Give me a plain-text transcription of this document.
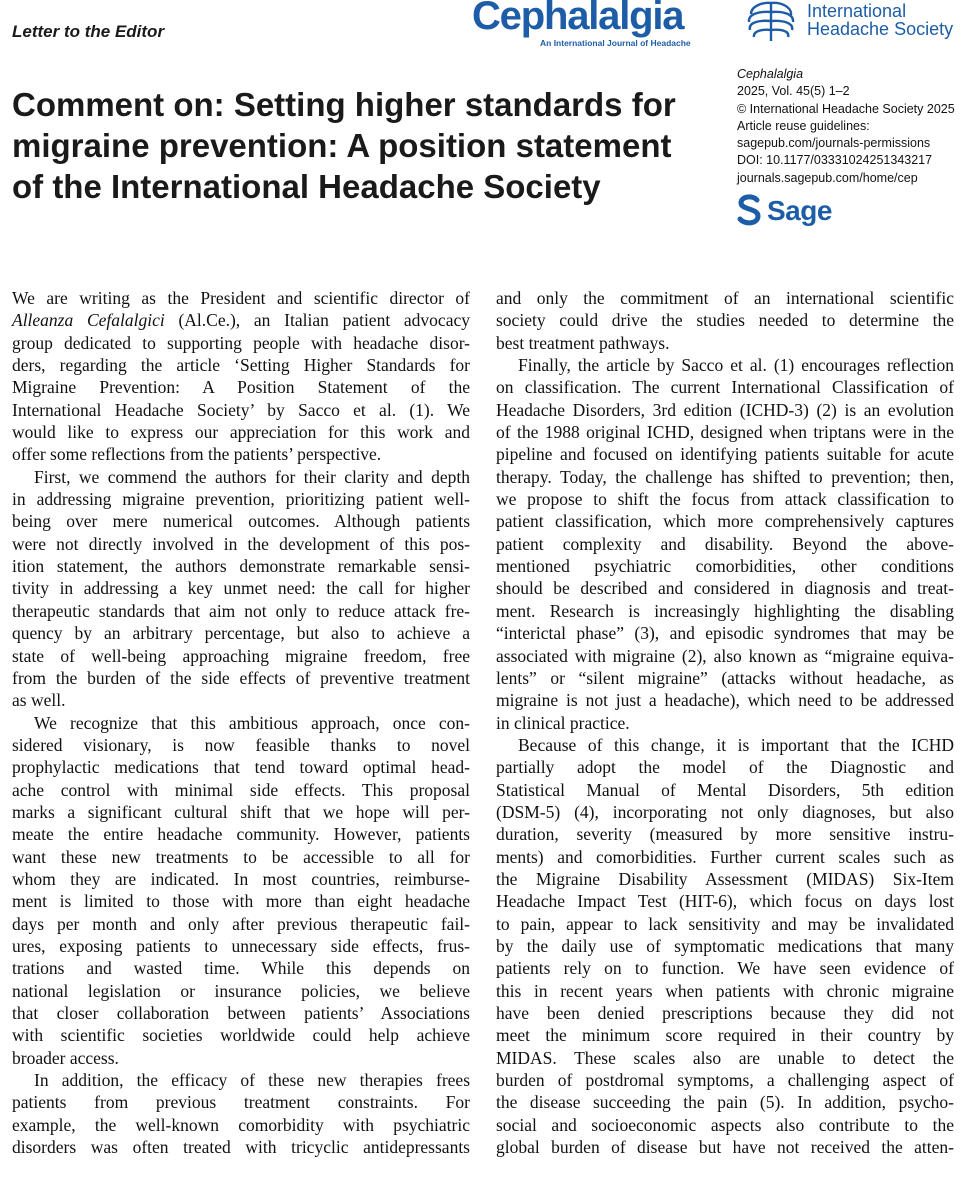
Letter to the Editor	Cephalalgia
An International Journal of Headache
International
Headache Society
Comment on: Setting higher standards for
migraine prevention: A position statement
of the International Headache Society
Cephalalgia
2025, Vol. 45(5) 1–2
© International Headache Society 2025
Article reuse guidelines:
sagepub.com/journals-permissions
DOI: 10.1177/03331024251343217
journals.sagepub.com/home/cep
Sage
We are writing as the President and scientific director of
Alleanza Cefalalgici (Al.Ce.), an Italian patient advocacy
group dedicated to supporting people with headache disor-
ders, regarding the article ‘Setting Higher Standards for
Migraine Prevention: A Position Statement of the
International Headache Society’ by Sacco et al. (1). We
would like to express our appreciation for this work and
offer some reflections from the patients’ perspective.
First, we commend the authors for their clarity and depth
in addressing migraine prevention, prioritizing patient well-
being over mere numerical outcomes. Although patients
were not directly involved in the development of this pos-
ition statement, the authors demonstrate remarkable sensi-
tivity in addressing a key unmet need: the call for higher
therapeutic standards that aim not only to reduce attack fre-
quency by an arbitrary percentage, but also to achieve a
state of well-being approaching migraine freedom, free
from the burden of the side effects of preventive treatment
as well.
We recognize that this ambitious approach, once con-
sidered visionary, is now feasible thanks to novel
prophylactic medications that tend toward optimal head-
ache control with minimal side effects. This proposal
marks a significant cultural shift that we hope will per-
meate the entire headache community. However, patients
want these new treatments to be accessible to all for
whom they are indicated. In most countries, reimburse-
ment is limited to those with more than eight headache
days per month and only after previous therapeutic fail-
ures, exposing patients to unnecessary side effects, frus-
trations and wasted time. While this depends on
national legislation or insurance policies, we believe
that closer collaboration between patients’ Associations
with scientific societies worldwide could help achieve
broader access.
In addition, the efficacy of these new therapies frees
patients from previous treatment constraints. For
example, the well-known comorbidity with psychiatric
disorders was often treated with tricyclic antidepressants
and only the commitment of an international scientific
society could drive the studies needed to determine the
best treatment pathways.
Finally, the article by Sacco et al. (1) encourages reflection
on classification. The current International Classification of
Headache Disorders, 3rd edition (ICHD-3) (2) is an evolution
of the 1988 original ICHD, designed when triptans were in the
pipeline and focused on identifying patients suitable for acute
therapy. Today, the challenge has shifted to prevention; then,
we propose to shift the focus from attack classification to
patient classification, which more comprehensively captures
patient complexity and disability. Beyond the above-
mentioned psychiatric comorbidities, other conditions
should be described and considered in diagnosis and treat-
ment. Research is increasingly highlighting the disabling
“interictal phase” (3), and episodic syndromes that may be
associated with migraine (2), also known as “migraine equiva-
lents” or “silent migraine” (attacks without headache, as
migraine is not just a headache), which need to be addressed
in clinical practice.
Because of this change, it is important that the ICHD
partially adopt the model of the Diagnostic and
Statistical Manual of Mental Disorders, 5th edition
(DSM-5) (4), incorporating not only diagnoses, but also
duration, severity (measured by more sensitive instru-
ments) and comorbidities. Further current scales such as
the Migraine Disability Assessment (MIDAS) Six-Item
Headache Impact Test (HIT-6), which focus on days lost
to pain, appear to lack sensitivity and may be invalidated
by the daily use of symptomatic medications that many
patients rely on to function. We have seen evidence of
this in recent years when patients with chronic migraine
have been denied prescriptions because they did not
meet the minimum score required in their country by
MIDAS. These scales also are unable to detect the
burden of postdromal symptoms, a challenging aspect of
the disease succeeding the pain (5). In addition, psycho-
social and socioeconomic aspects also contribute to the
global burden of disease but have not received the atten-
